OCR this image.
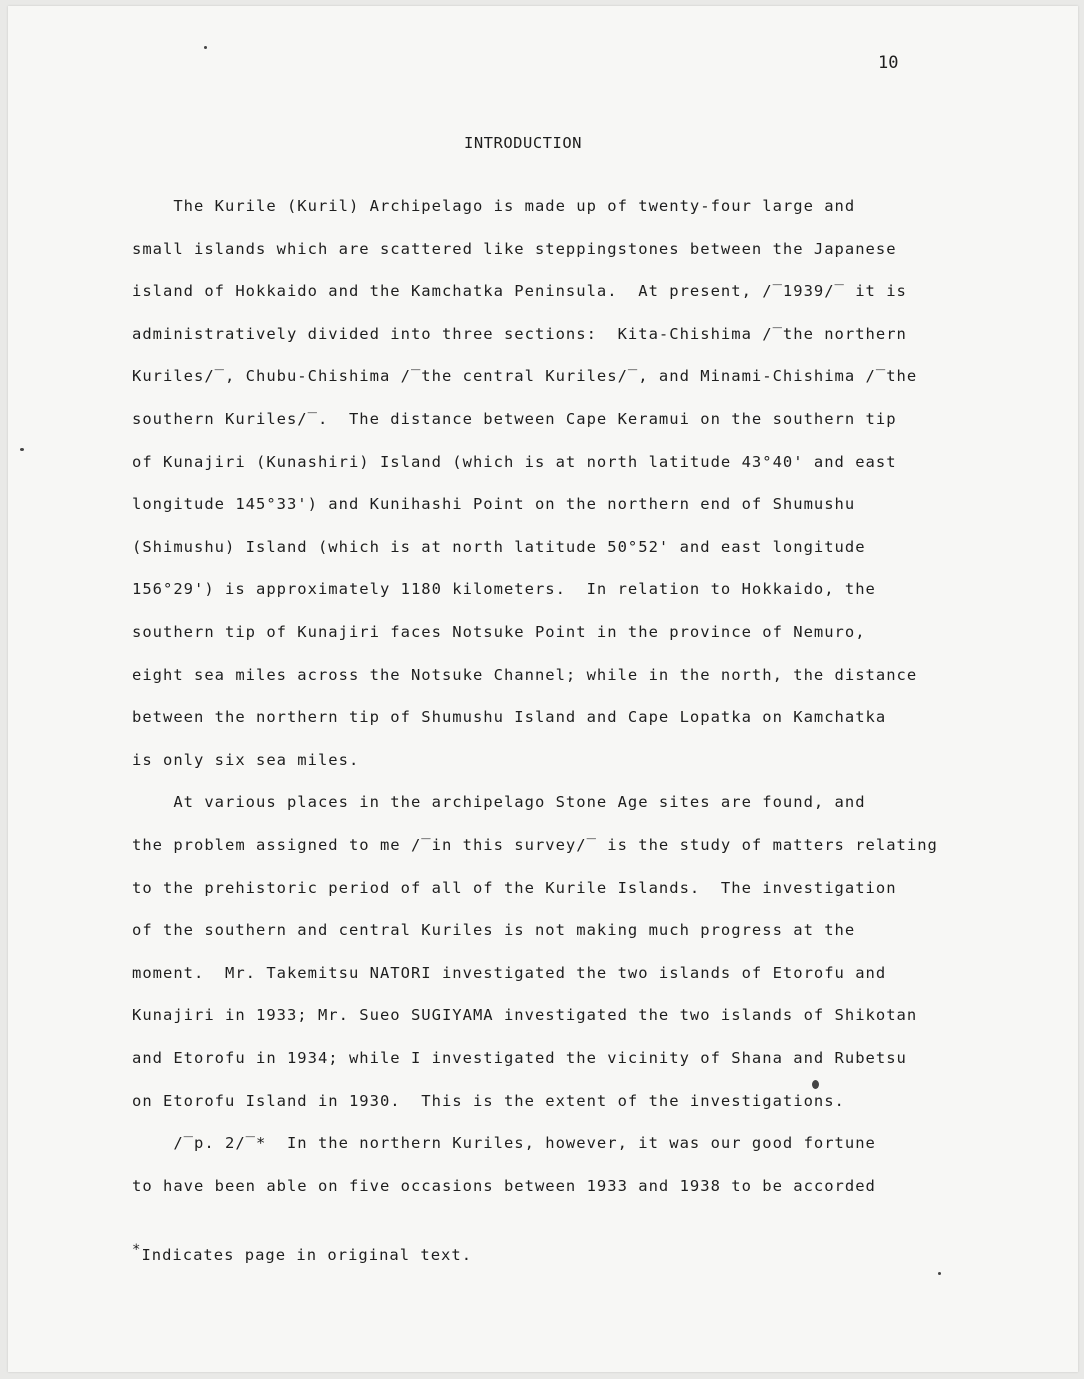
10
INTRODUCTION
The Kurile (Kuril) Archipelago is made up of twenty-four large and
small islands which are scattered like steppingstones between the Japanese
island of Hokkaido and the Kamchatka Peninsula.  At present, /‾1939/‾ it is
administratively divided into three sections:  Kita-Chishima /‾the northern
Kuriles/‾, Chubu-Chishima /‾the central Kuriles/‾, and Minami-Chishima /‾the
southern Kuriles/‾.  The distance between Cape Keramui on the southern tip
of Kunajiri (Kunashiri) Island (which is at north latitude 43°40' and east
longitude 145°33') and Kunihashi Point on the northern end of Shumushu
(Shimushu) Island (which is at north latitude 50°52' and east longitude
156°29') is approximately 1180 kilometers.  In relation to Hokkaido, the
southern tip of Kunajiri faces Notsuke Point in the province of Nemuro,
eight sea miles across the Notsuke Channel; while in the north, the distance
between the northern tip of Shumushu Island and Cape Lopatka on Kamchatka
is only six sea miles.
At various places in the archipelago Stone Age sites are found, and
the problem assigned to me /‾in this survey/‾ is the study of matters relating
to the prehistoric period of all of the Kurile Islands.  The investigation
of the southern and central Kuriles is not making much progress at the
moment.  Mr. Takemitsu NATORI investigated the two islands of Etorofu and
Kunajiri in 1933; Mr. Sueo SUGIYAMA investigated the two islands of Shikotan
and Etorofu in 1934; while I investigated the vicinity of Shana and Rubetsu
on Etorofu Island in 1930.  This is the extent of the investigations.
/‾p. 2/‾*  In the northern Kuriles, however, it was our good fortune
to have been able on five occasions between 1933 and 1938 to be accorded
*Indicates page in original text.
